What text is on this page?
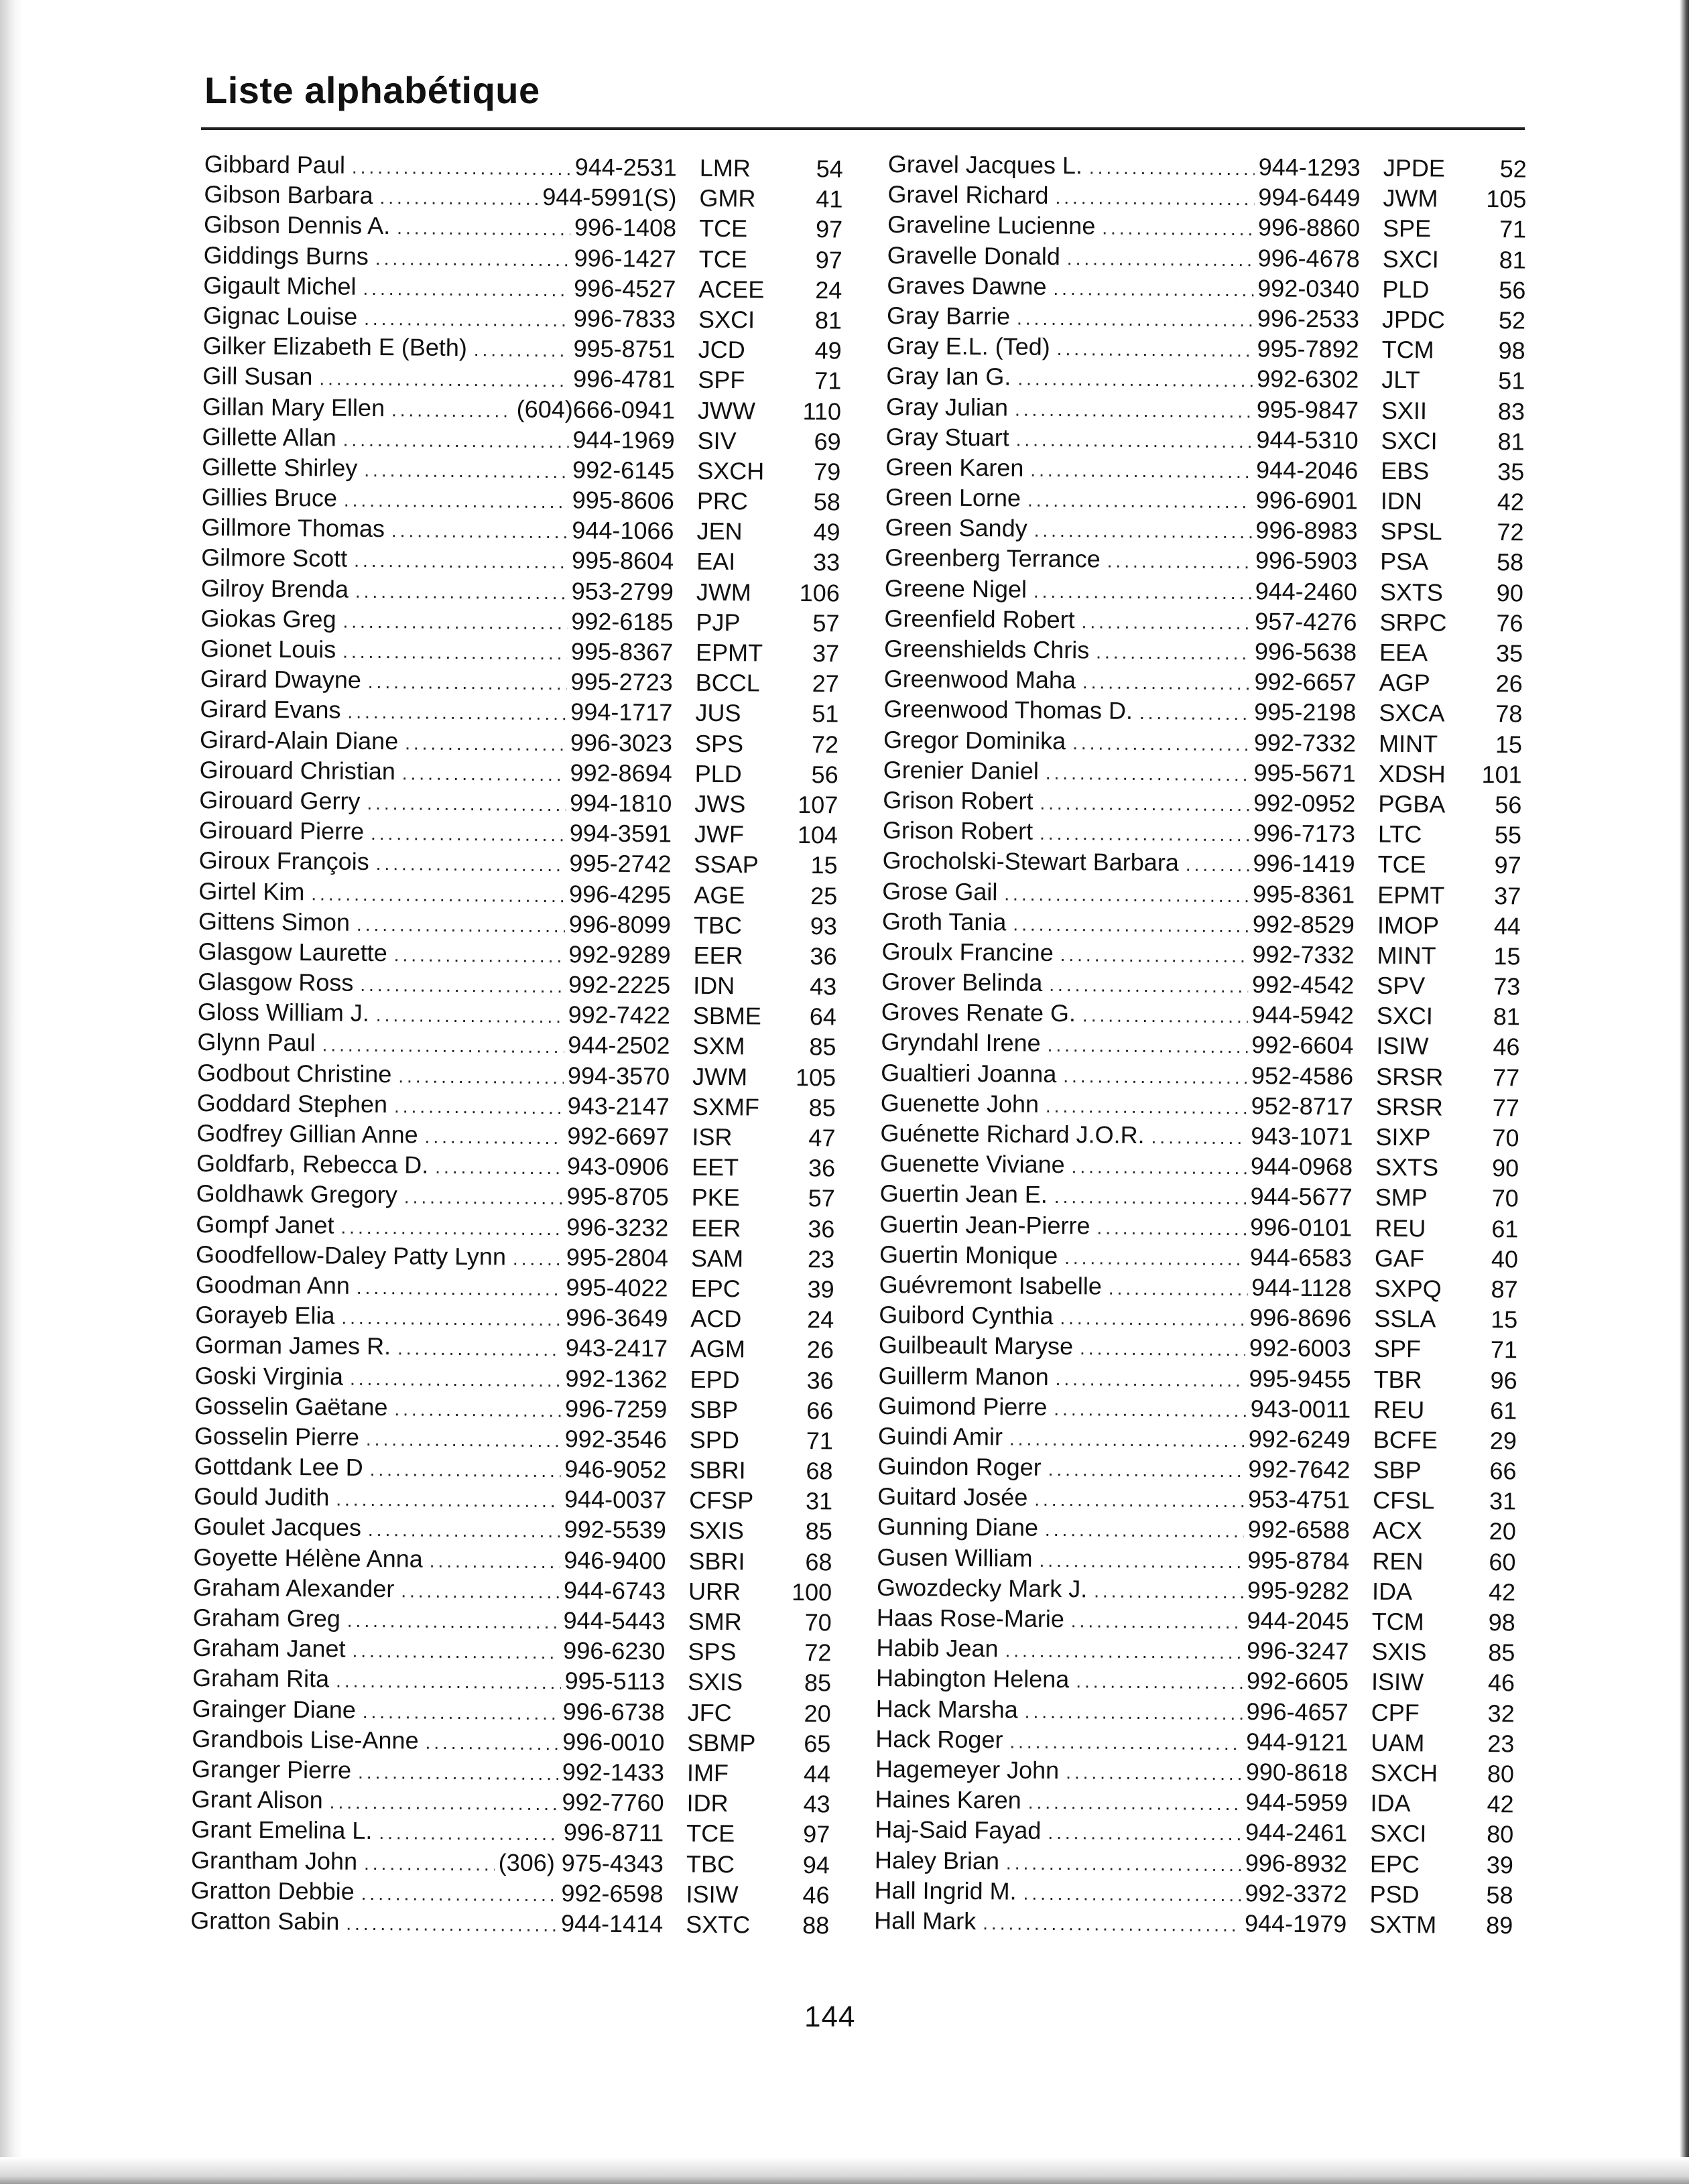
Liste alphabétique
Gibbard Paul .....	944-2531 LMR	54
Gibson Barbara .....	944-5991(S) GMR	41
Gibson Dennis A. .....	996-1408 TCE	97
Giddings Burns .....	996-1427 TCE	97
Gigault Michel .....	996-4527 ACEE	24
Gignac Louise .....	996-7833 SXCI	81
Gilker Elizabeth E (Beth) .....	995-8751 JCD	49
Gill Susan .....	996-4781 SPF	71
Gillan Mary Ellen .....	(604)666-0941 JWW	110
Gillette Allan .....	944-1969 SIV	69
Gillette Shirley .....	992-6145 SXCH	79
Gillies Bruce .....	995-8606 PRC	58
Gillmore Thomas .....	944-1066 JEN	49
Gilmore Scott .....	995-8604 EAI	33
Gilroy Brenda .....	953-2799 JWM	106
Giokas Greg .....	992-6185 PJP	57
Gionet Louis .....	995-8367 EPMT	37
Girard Dwayne .....	995-2723 BCCL	27
Girard Evans .....	994-1717 JUS	51
Girard-Alain Diane .....	996-3023 SPS	72
Girouard Christian .....	992-8694 PLD	56
Girouard Gerry .....	994-1810 JWS	107
Girouard Pierre .....	994-3591 JWF	104
Giroux François .....	995-2742 SSAP	15
Girtel Kim .....	996-4295 AGE	25
Gittens Simon .....	996-8099 TBC	93
Glasgow Laurette .....	992-9289 EER	36
Glasgow Ross .....	992-2225 IDN	43
Gloss William J. .....	992-7422 SBME	64
Glynn Paul .....	944-2502 SXM	85
Godbout Christine .....	994-3570 JWM	105
Goddard Stephen .....	943-2147 SXMF	85
Godfrey Gillian Anne .....	992-6697 ISR	47
Goldfarb, Rebecca D. .....	943-0906 EET	36
Goldhawk Gregory .....	995-8705 PKE	57
Gompf Janet .....	996-3232 EER	36
Goodfellow-Daley Patty Lynn ..... 995-2804 SAM	23
Goodman Ann .....	995-4022 EPC	39
Gorayeb Elia .....	996-3649 ACD	24
Gorman James R. .....	943-2417 AGM	26
Goski Virginia .....	992-1362 EPD	36
Gosselin Gaëtane .....	996-7259 SBP	66
Gosselin Pierre .....	992-3546 SPD	71
Gottdank Lee D .....	946-9052 SBRI	68
Gould Judith .....	944-0037 CFSP	31
Goulet Jacques .....	992-5539 SXIS	85
Goyette Hélène Anna .....	946-9400 SBRI	68
Graham Alexander .....	944-6743 URR	100
Graham Greg .....	944-5443 SMR	70
Graham Janet .....	996-6230 SPS	72
Graham Rita .....	995-5113 SXIS	85
Grainger Diane .....	996-6738 JFC	20
Grandbois Lise-Anne .....	996-0010 SBMP	65
Granger Pierre .....	992-1433 IMF	44
Grant Alison .....	992-7760 IDR	43
Grant Emelina L. .....	996-8711 TCE	97
Grantham John .....	(306) 975-4343 TBC	94
Gratton Debbie .....	992-6598 ISIW	46
Gratton Sabin .....	944-1414 SXTC	88
Gravel Jacques L. .....	944-1293 JPDE	52
Gravel Richard .....	994-6449 JWM	105
Graveline Lucienne .....	996-8860 SPE	71
Gravelle Donald .....	996-4678 SXCI	81
Graves Dawne .....	992-0340 PLD	56
Gray Barrie .....	996-2533 JPDC	52
Gray E.L. (Ted) .....	995-7892 TCM	98
Gray Ian G. .....	992-6302 JLT	51
Gray Julian .....	995-9847 SXII	83
Gray Stuart .....	944-5310 SXCI	81
Green Karen .....	944-2046 EBS	35
Green Lorne .....	996-6901 IDN	42
Green Sandy .....	996-8983 SPSL	72
Greenberg Terrance .....	996-5903 PSA	58
Greene Nigel .....	944-2460 SXTS	90
Greenfield Robert .....	957-4276 SRPC	76
Greenshields Chris .....	996-5638 EEA	35
Greenwood Maha .....	992-6657 AGP	26
Greenwood Thomas D. .....	995-2198 SXCA	78
Gregor Dominika .....	992-7332 MINT	15
Grenier Daniel .....	995-5671 XDSH	101
Grison Robert .....	992-0952 PGBA	56
Grison Robert .....	996-7173 LTC	55
Grocholski-Stewart Barbara .....	996-1419 TCE	97
Grose Gail .....	995-8361 EPMT	37
Groth Tania .....	992-8529 IMOP	44
Groulx Francine .....	992-7332 MINT	15
Grover Belinda .....	992-4542 SPV	73
Groves Renate G. .....	944-5942 SXCI	81
Gryndahl Irene .....	992-6604 ISIW	46
Gualtieri Joanna .....	952-4586 SRSR	77
Guenette John .....	952-8717 SRSR	77
Guénette Richard J.O.R. .....	943-1071 SIXP	70
Guenette Viviane .....	944-0968 SXTS	90
Guertin Jean E. .....	944-5677 SMP	70
Guertin Jean-Pierre .....	996-0101 REU	61
Guertin Monique .....	944-6583 GAF	40
Guévremont Isabelle .....	944-1128 SXPQ	87
Guibord Cynthia .....	996-8696 SSLA	15
Guilbeault Maryse .....	992-6003 SPF	71
Guillerm Manon .....	995-9455 TBR	96
Guimond Pierre .....	943-0011 REU	61
Guindi Amir .....	992-6249 BCFE	29
Guindon Roger .....	992-7642 SBP	66
Guitard Josée .....	953-4751 CFSL	31
Gunning Diane .....	992-6588 ACX	20
Gusen William .....	995-8784 REN	60
Gwozdecky Mark J. .....	995-9282 IDA	42
Haas Rose-Marie .....	944-2045 TCM	98
Habib Jean .....	996-3247 SXIS	85
Habington Helena .....	992-6605 ISIW	46
Hack Marsha .....	996-4657 CPF	32
Hack Roger .....	944-9121 UAM	23
Hagemeyer John .....	990-8618 SXCH	80
Haines Karen .....	944-5959 IDA	42
Haj-Said Fayad .....	944-2461 SXCI	80
Haley Brian .....	996-8932 EPC	39
Hall Ingrid M. .....	992-3372 PSD	58
Hall Mark .....	944-1979 SXTM	89
144
